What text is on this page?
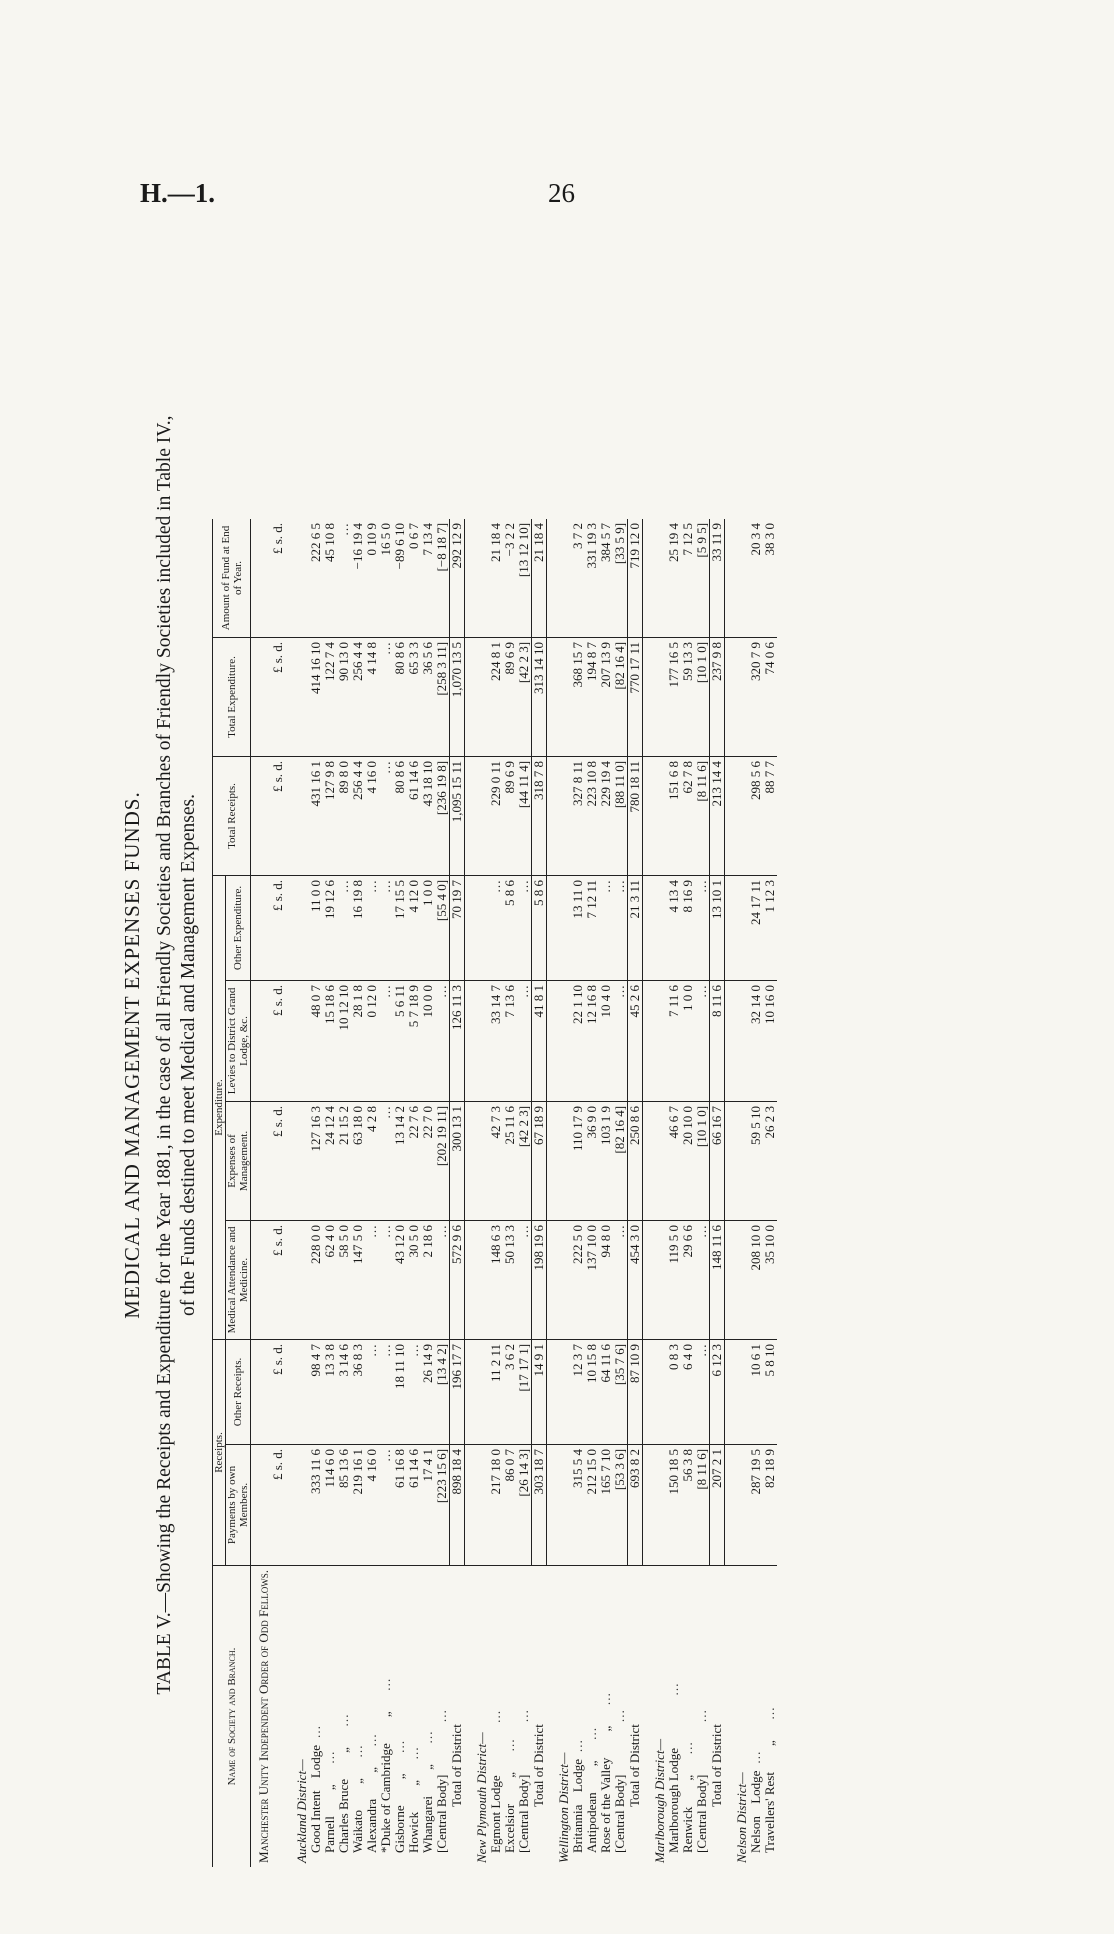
H.—1.	26
MEDICAL AND MANAGEMENT EXPENSES FUNDS. TABLE V.—Showing the Receipts and Expenditure for the Year 1881, in the case of all Friendly Societies and Branches of Friendly Societies included in Table IV., of the Funds destined to meet Medical and Management Expenses.
Name of Society and Branch.	Receipts.		Expenditure.				Total Receipts.	Total Expenditure.	Amount of Fund at End of Year.
	Payments by own Members.	Other Receipts.	Medical Attendance and Medicine.	Expenses of Management.	Levies to District Grand Lodge, &c.	Other Expenditure.			

Manchester Unity Independent Order of Odd Fellows.									
	£ s. d.	£ s. d.	£ s. d.	£ s. d.	£ s. d.	£ s. d.	£ s. d.	£ s. d.	£ s. d.

Auckland District—									
Good IntentLodge…	333 11 6	98 4 7	228 0 0	127 16 3	48 0 7	11 0 0	431 16 1	414 16 10	222 6 5
Parnell„…	114 6 0	13 3 8	62 4 0	24 12 4	15 18 6	19 12 6	127 9 8	122 7 4	45 10 8
Charles Bruce„…	85 13 6	3 14 6	58 5 0	21 15 2	10 12 10	…	89 8 0	90 13 0	…
Waikato„…	219 16 1	36 8 3	147 5 0	63 18 0	28 1 8	16 19 8	256 4 4	256 4 4	−16 19 4
Alexandra„…	4 16 0	…	…	4 2 8	0 12 0	…	4 16 0	4 14 8	0 10 9
*Duke of Cambridge„…	…	…	…	…	…	…	…	…	16 5 0
Gisborne„…	61 16 8	18 11 10	43 12 0	13 14 2	5 6 11	17 15 5	80 8 6	80 8 6	−89 6 10
Howick„…	61 14 6	…	30 5 0	22 7 6	5 7 18 9	4 12 0	61 14 6	65 3 3	0 6 7
Whangarei„…	17 4 1	26 14 9	2 18 6	22 7 0	10 0 0	1 0 0	43 18 10	36 5 6	7 13 4
[Central Body]…	[223 15 6]	[13 4 2]	…	[202 19 11]	…	[55 4 0]	[236 19 8]	[258 3 11]	[−8 18 7]
Total of District	898 18 4	196 17 7	572 9 6	300 13 1	126 11 3	70 19 7	1,095 15 11	1,070 13 5	292 12 9

New Plymouth District—									
Egmont Lodge…	217 18 0	11 2 11	148 6 3	42 7 3	33 14 7	…	229 0 11	224 8 1	21 18 4
Excelsior„…	86 0 7	3 6 2	50 13 3	25 11 6	7 13 6	5 8 6	89 6 9	89 6 9	−3 2 2
[Central Body]…	[26 14 3]	[17 17 1]	…	[42 2 3]	…	…	[44 11 4]	[42 2 3]	[13 12 10]
Total of District	303 18 7	14 9 1	198 19 6	67 18 9	41 8 1	5 8 6	318 7 8	313 14 10	21 18 4

Wellington District—									
BritanniaLodge…	315 5 4	12 3 7	222 5 0	110 17 9	22 1 10	13 11 0	327 8 11	368 15 7	3 7 2
Antipodean„…	212 15 0	10 15 8	137 10 0	36 9 0	12 16 8	7 12 11	223 10 8	194 8 7	331 19 3
Rose of the Valley„…	165 7 10	64 11 6	94 8 0	103 1 9	10 4 0	…	229 19 4	207 13 9	384 5 7
[Central Body]…	[53 3 6]	[35 7 6]	…	[82 16 4]	…	…	[88 11 0]	[82 16 4]	[33 5 9]
Total of District	693 8 2	87 10 9	454 3 0	250 8 6	45 2 6	21 3 11	780 18 11	770 17 11	719 12 0

Marlborough District—									
Marlborough Lodge…	150 18 5	0 8 3	119 5 0	46 6 7	7 11 6	4 13 4	151 6 8	177 16 5	25 19 4
Renwick„…	56 3 8	6 4 0	29 6 6	20 10 0	1 0 0	8 16 9	62 7 8	59 13 3	7 12 5
[Central Body]…	[8 11 6]	…	…	[10 1 0]	…	…	[8 11 6]	[10 1 0]	[5 9 5]
Total of District	207 2 1	6 12 3	148 11 6	66 16 7	8 11 6	13 10 1	213 14 4	237 9 8	33 11 9

Nelson District—									
NelsonLodge…	287 19 5	10 6 1	208 10 0	59 5 10	32 14 0	24 17 11	298 5 6	320 7 9	20 3 4
Travellers' Rest„…	82 18 9	5 8 10	35 10 0	26 2 3	10 16 0	1 12 3	88 7 7	74 0 6	38 3 0
